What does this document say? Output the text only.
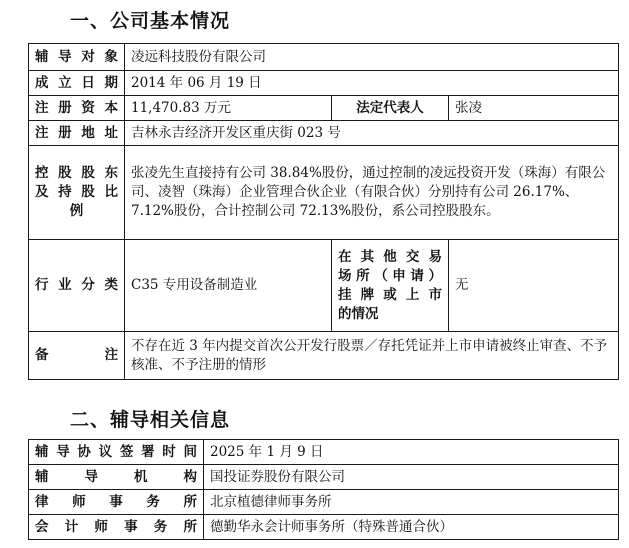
一、公司基本情况
辅导对象	凌远科技股份有限公司		

成立日期	2014 年 06 月 19 日		

注册资本	11,470.83 万元	法定代表人	张凌

注册地址	吉林永吉经济开发区重庆街 023 号		

控股股东
及持股比
例	张凌先生直接持有公司 38.84%股份，通过控制的凌远投资开发（珠海）有限公司、凌智（珠海）企业管理合伙企业（有限合伙）分别持有公司 26.17%、7.12%股份，合计控制公司 72.13%股份，系公司控股股东。		

行业分类	C35 专用设备制造业	在其他交易
场所（申请）
挂牌或上市
的情况	无

备　注	不存在近 3 年内提交首次公开发行股票／存托凭证并上市申请被终止审查、不予核准、不予注册的情形		
二、辅导相关信息
辅导协议签署时间	2025 年 1 月 9 日

辅导机构	国投证券股份有限公司

律师事务所	北京植德律师事务所

会计师事务所	德勤华永会计师事务所（特殊普通合伙）
